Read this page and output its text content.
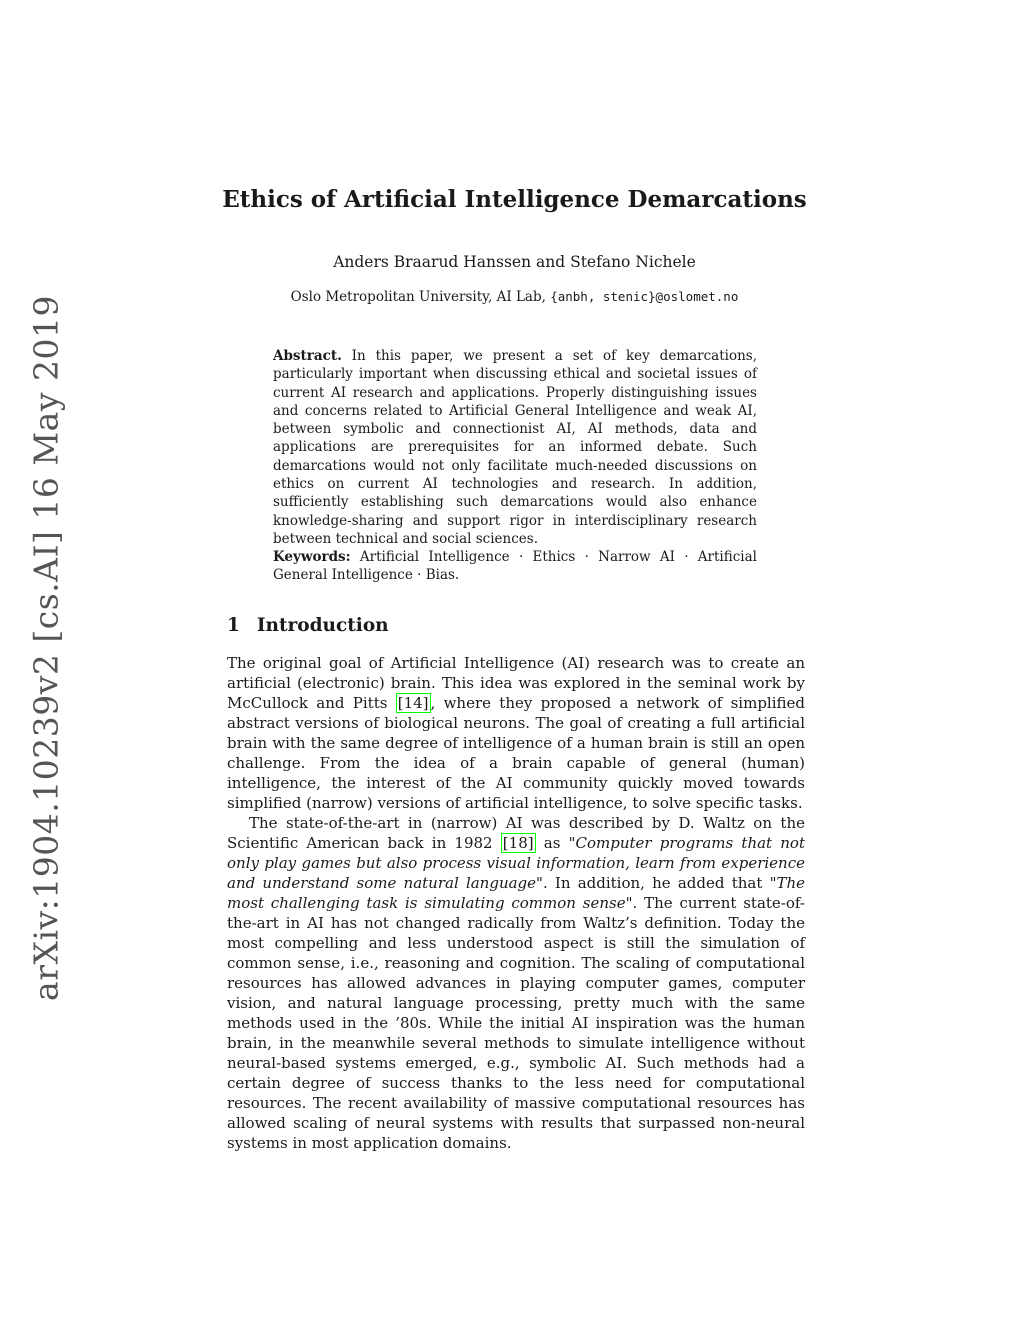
arXiv:1904.10239v2 [cs.AI] 16 May 2019
Ethics of Artificial Intelligence Demarcations
Anders Braarud Hanssen and Stefano Nichele
Oslo Metropolitan University, AI Lab, {anbh, stenic}@oslomet.no
Abstract. In this paper, we present a set of key demarcations, particularly important when discussing ethical and societal issues of current AI research and applications. Properly distinguishing issues and concerns related to Artificial General Intelligence and weak AI, between symbolic and connectionist AI, AI methods, data and applications are prerequisites for an informed debate. Such demarcations would not only facilitate much-needed discussions on ethics on current AI technologies and research. In addition, sufficiently establishing such demarcations would also enhance knowledge-sharing and support rigor in interdisciplinary research between technical and social sciences.
Keywords: Artificial Intelligence · Ethics · Narrow AI · Artificial General Intelligence · Bias.
1 Introduction

The original goal of Artificial Intelligence (AI) research was to create an artificial (electronic) brain. This idea was explored in the seminal work by McCullock and Pitts [14] , where they proposed a network of simplified abstract versions of biological neurons. The goal of creating a full artificial brain with the same degree of intelligence of a human brain is still an open challenge. From the idea of a brain capable of general (human) intelligence, the interest of the AI community quickly moved towards simplified (narrow) versions of artificial intelligence, to solve specific tasks.

The state-of-the-art in (narrow) AI was described by D. Waltz on the Scientific American back in 1982 [18] as "Computer programs that not only play games but also process visual information, learn from experience and understand some natural language". In addition, he added that "The most challenging task is simulating common sense". The current state-of-the-art in AI has not changed radically from Waltz’s definition. Today the most compelling and less understood aspect is still the simulation of common sense, i.e., reasoning and cognition. The scaling of computational resources has allowed advances in playing computer games, computer vision, and natural language processing, pretty much with the same methods used in the ’80s. While the initial AI inspiration was the human brain, in the meanwhile several methods to simulate intelligence without neural-based systems emerged, e.g., symbolic AI. Such methods had a certain degree of success thanks to the less need for computational resources. The recent availability of massive computational resources has allowed scaling of neural systems with results that surpassed non-neural systems in most application domains.
